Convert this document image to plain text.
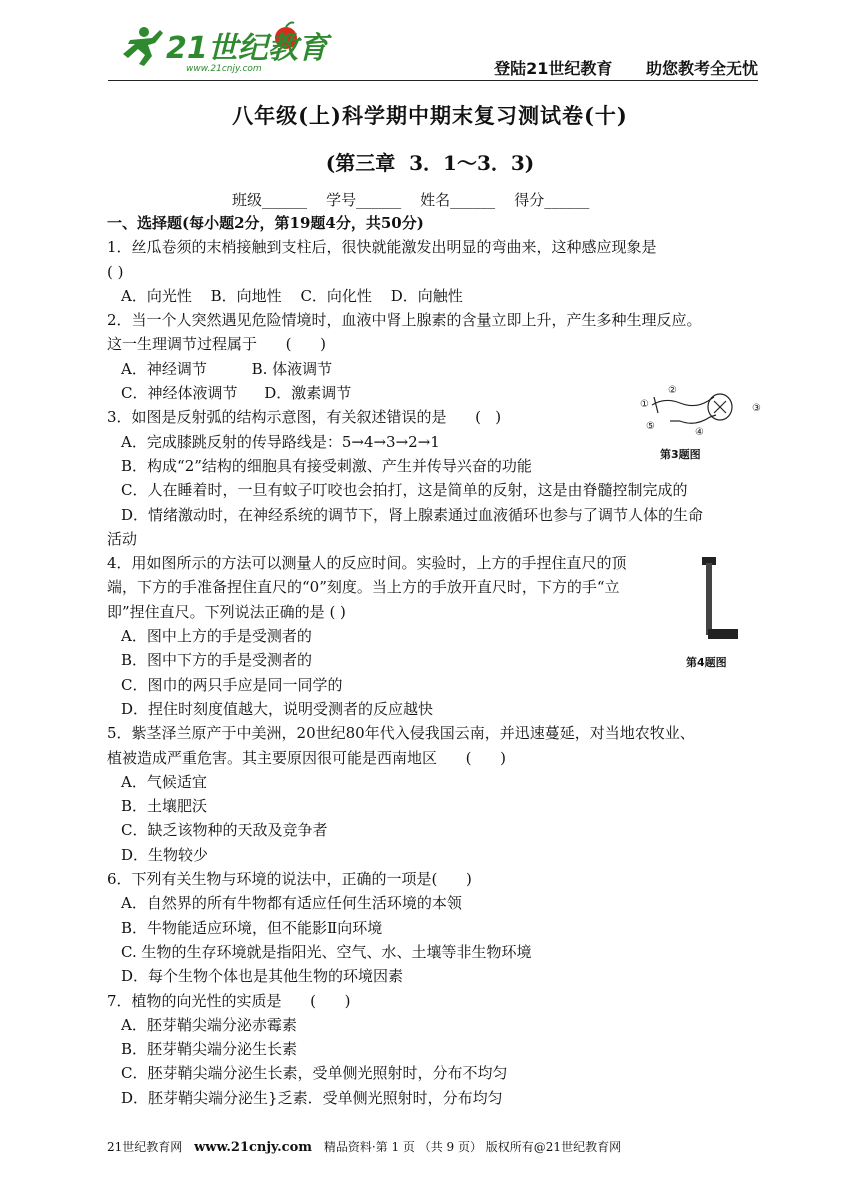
21世纪教育
www.21cnjy.com	登陆21世纪教育 助您教考全无忧
八年级(上)科学期中期末复习测试卷(十)
(第三章  3．1～3．3)
班级______    学号______    姓名______    得分______
一、选择题(每小题2分，第19题4分，共50分)
1．丝瓜卷须的末梢接触到支柱后，很快就能激发出明显的弯曲来，这种感应现象是
( )
A．向光性 B．向地性 C．向化性 D．向触性
2．当一个人突然遇见危险情境时，血液中肾上腺素的含量立即上升，产生多种生理反应。
这一生理调节过程属于      (      )
A．神经调节	B. 体液调节
C．神经体液调节 D．激素调节
3．如图是反射弧的结构示意图，有关叙述错误的是      (   )
A．完成膝跳反射的传导路线是：5→4→3→2→1
B．构成“2”结构的细胞具有接受刺激、产生并传导兴奋的功能
C．人在睡着时，一旦有蚊子叮咬也会拍打，这是简单的反射，这是由脊髓控制完成的
D．情绪激动时，在神经系统的调节下，肾上腺素通过血液循环也参与了调节人体的生命
活动
4．用如图所示的方法可以测量人的反应时间。实验时，上方的手捏住直尺的顶端，下方的手准备捏住直尺的“0”刻度。当上方的手放开直尺时，下方的手“立即”捏住直尺。下列说法正确的是 ( )
A．图中上方的手是受测者的
B．图中下方的手是受测者的
C．图巾的两只手应是同一同学的
D．捏住时刻度值越大，说明受测者的反应越快
5．紫茎泽兰原产于中美洲，20世纪80年代入侵我国云南，并迅速蔓延，对当地农牧业、
植被造成严重危害。其主要原因很可能是西南地区      (      )
A．气候适宜
B．土壤肥沃
C．缺乏该物种的天敌及竞争者
D．生物较少
6．下列有关生物与环境的说法中，正确的一项是(      )
A．自然界的所有牛物都有适应任何生活环境的本领
B．牛物能适应环境，但不能影Ⅱ向环境
C. 生物的生存环境就是指阳光、空气、水、土壤等非生物环境
D．每个生物个体也是其他生物的环境因素
7．植物的向光性的实质是      (      )
A．胚芽鞘尖端分泌赤霉素
B．胚芽鞘尖端分泌生长素
C．胚芽鞘尖端分泌生长素，受单侧光照射时，分布不均匀
D．胚芽鞘尖端分泌生}乏素．受单侧光照射时，分布均匀
①
②
③
④
⑤
第3题图
第4题图
21世纪教育网 www.21cnjy.com 精品资料·第 1 页 （共 9 页） 版权所有@21世纪教育网
